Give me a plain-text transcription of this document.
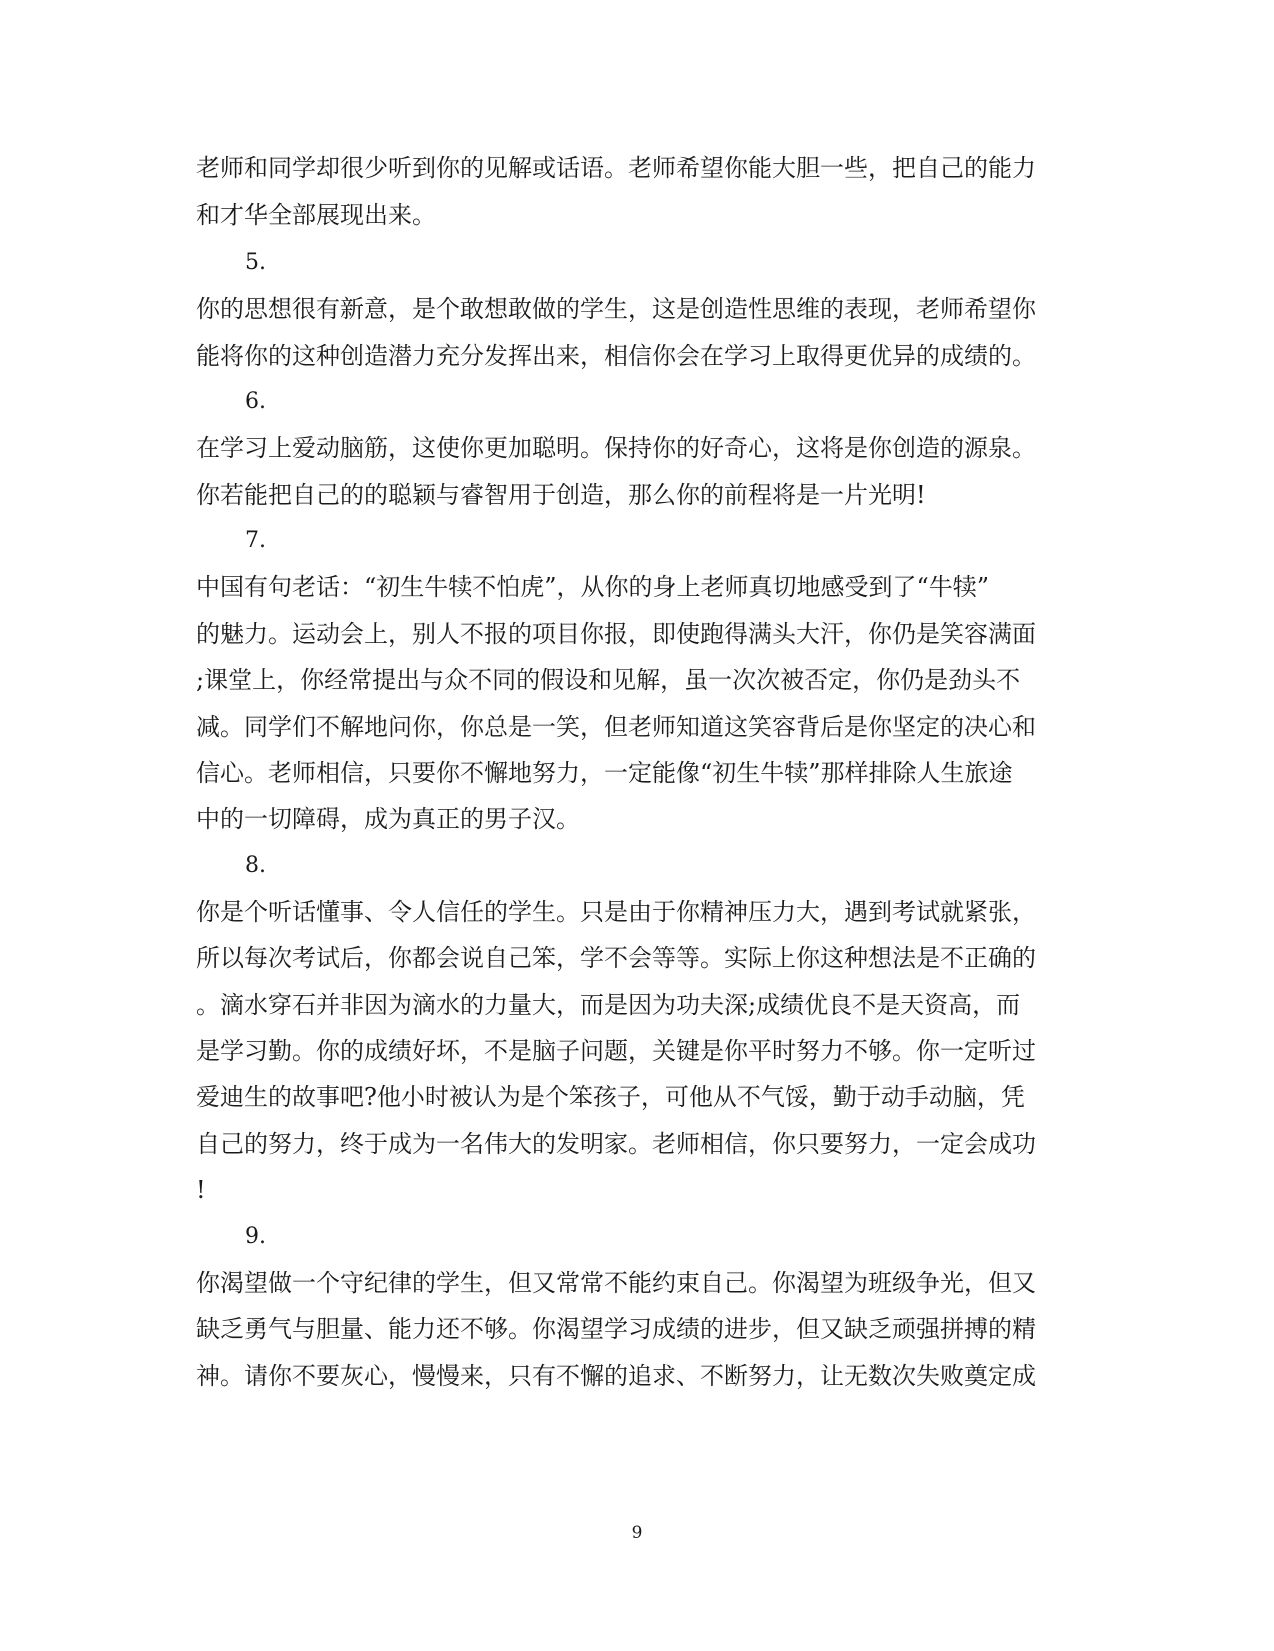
老师和同学却很少听到你的见解或话语。老师希望你能大胆一些，把自己的能力
和才华全部展现出来。
5.
你的思想很有新意，是个敢想敢做的学生，这是创造性思维的表现，老师希望你
能将你的这种创造潜力充分发挥出来，相信你会在学习上取得更优异的成绩的。
6.
在学习上爱动脑筋，这使你更加聪明。保持你的好奇心，这将是你创造的源泉。
你若能把自己的的聪颖与睿智用于创造，那么你的前程将是一片光明!
7.
中国有句老话：“初生牛犊不怕虎”，从你的身上老师真切地感受到了“牛犊”
的魅力。运动会上，别人不报的项目你报，即使跑得满头大汗，你仍是笑容满面
;课堂上，你经常提出与众不同的假设和见解，虽一次次被否定，你仍是劲头不
减。同学们不解地问你，你总是一笑，但老师知道这笑容背后是你坚定的决心和
信心。老师相信，只要你不懈地努力，一定能像“初生牛犊”那样排除人生旅途
中的一切障碍，成为真正的男子汉。
8.
你是个听话懂事、令人信任的学生。只是由于你精神压力大，遇到考试就紧张，
所以每次考试后，你都会说自己笨，学不会等等。实际上你这种想法是不正确的
。滴水穿石并非因为滴水的力量大，而是因为功夫深;成绩优良不是天资高，而
是学习勤。你的成绩好坏，不是脑子问题，关键是你平时努力不够。你一定听过
爱迪生的故事吧?他小时被认为是个笨孩子，可他从不气馁，勤于动手动脑，凭
自己的努力，终于成为一名伟大的发明家。老师相信，你只要努力，一定会成功
!
9.
你渴望做一个守纪律的学生，但又常常不能约束自己。你渴望为班级争光，但又
缺乏勇气与胆量、能力还不够。你渴望学习成绩的进步，但又缺乏顽强拼搏的精
神。请你不要灰心，慢慢来，只有不懈的追求、不断努力，让无数次失败奠定成
9
